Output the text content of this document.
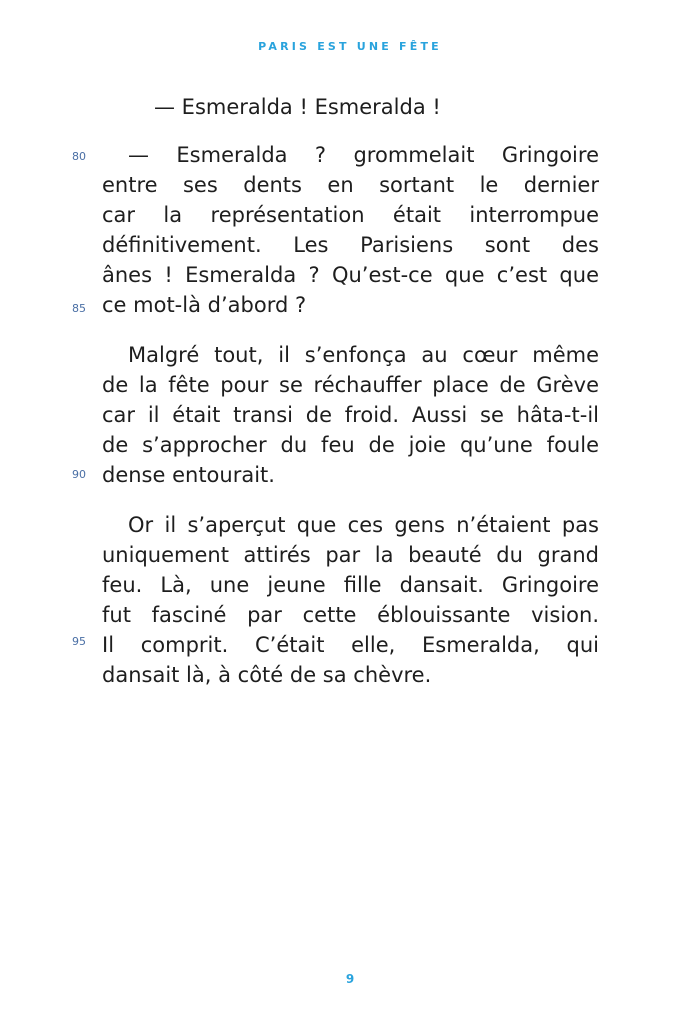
PARIS EST UNE FÊTE
80
85
90
95

— Esmeralda ! Esmeralda !

— Esmeralda ? grommelait Gringoire
entre ses dents en sortant le dernier
car la représentation était interrompue
définitivement. Les Parisiens sont des
ânes ! Esmeralda ? Qu’est-ce que c’est que
ce mot-là d’abord ?

Malgré tout, il s’enfonça au cœur même
de la fête pour se réchauffer place de Grève
car il était transi de froid. Aussi se hâta-t-il
de s’approcher du feu de joie qu’une foule
dense entourait.

Or il s’aperçut que ces gens n’étaient pas
uniquement attirés par la beauté du grand
feu. Là, une jeune fille dansait. Gringoire
fut fasciné par cette éblouissante vision.
Il comprit. C’était elle, Esmeralda, qui
dansait là, à côté de sa chèvre.

9
